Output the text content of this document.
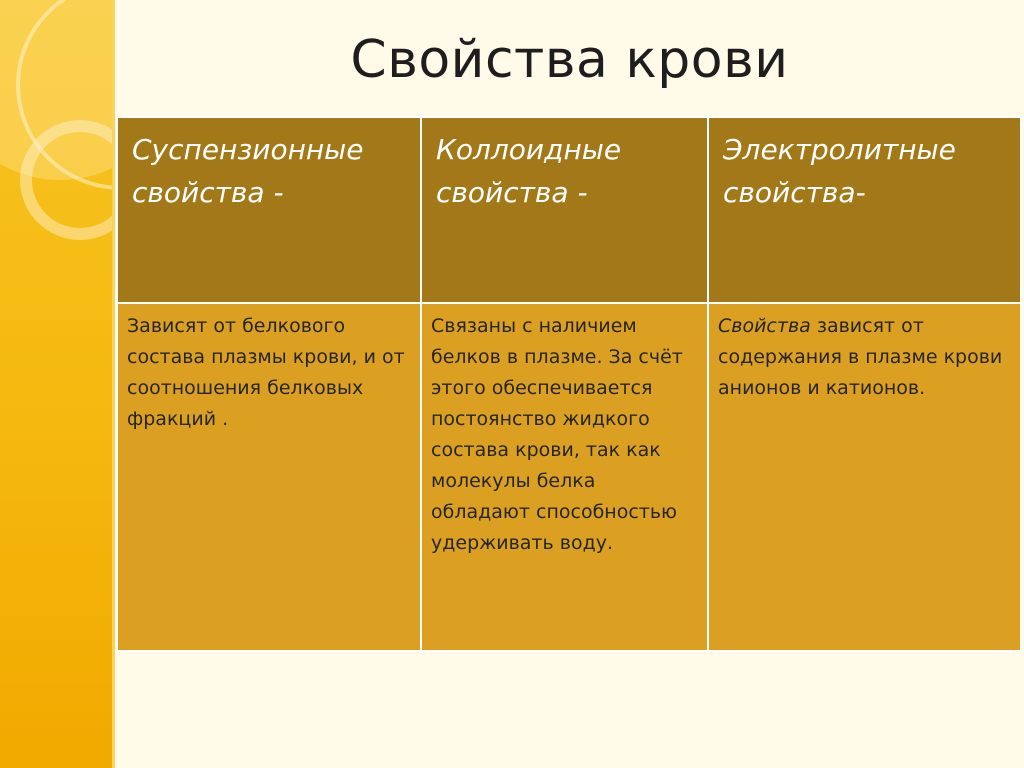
Свойства крови
Суспензионные свойства -	Коллоидные свойства -	Электролитные свойства-
Зависят от белкового состава плазмы крови, и от соотношения белковых фракций .	Связаны с наличием белков в плазме. За счёт этого обеспечивается постоянство жидкого состава крови, так как молекулы белка обладают способностью удерживать воду.	Свойства зависят от содержания в плазме крови анионов и катионов.
